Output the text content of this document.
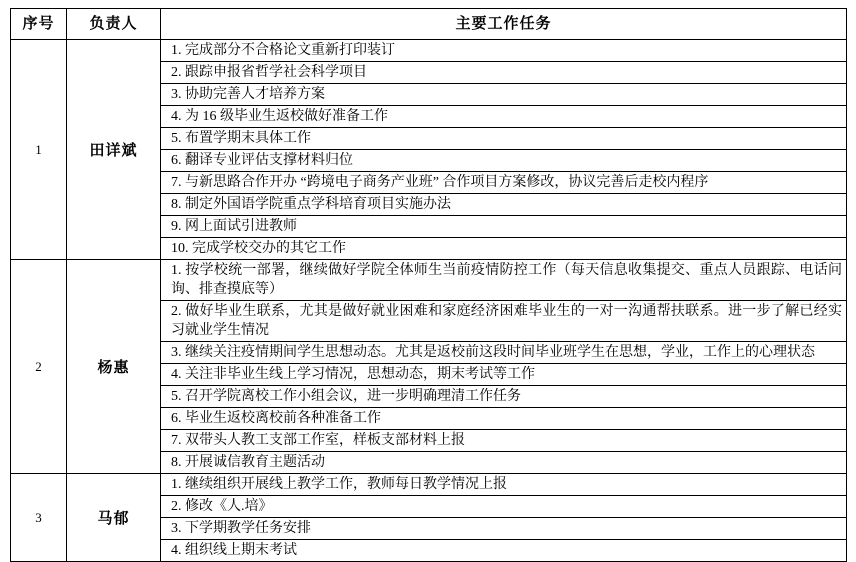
序号	负责人	主要工作任务
1	田详斌	
1. 完成部分不合格论文重新打印装订
2. 跟踪申报省哲学社会科学项目
3. 协助完善人才培养方案
4. 为 16 级毕业生返校做好准备工作
5. 布置学期末具体工作
6. 翻译专业评估支撑材料归位
7. 与新思路合作开办 “跨境电子商务产业班” 合作项目方案修改，协议完善后走校内程序
8. 制定外国语学院重点学科培育项目实施办法
9. 网上面试引进教师
10. 完成学校交办的其它工作

2	杨惠	
1. 按学校统一部署，继续做好学院全体师生当前疫情防控工作（每天信息收集提交、重点人员跟踪、电话问询、排查摸底等）
2. 做好毕业生联系，尤其是做好就业困难和家庭经济困难毕业生的一对一沟通帮扶联系。进一步了解已经实习就业学生情况
3. 继续关注疫情期间学生思想动态。尤其是返校前这段时间毕业班学生在思想，学业，工作上的心理状态
4. 关注非毕业生线上学习情况，思想动态，期末考试等工作
5. 召开学院离校工作小组会议，进一步明确理清工作任务
6. 毕业生返校离校前各种准备工作
7. 双带头人教工支部工作室，样板支部材料上报
8. 开展诚信教育主题活动

3	马郁	
1. 继续组织开展线上教学工作，教师每日教学情况上报
2. 修改《人.培》
3. 下学期教学任务安排
4. 组织线上期末考试
